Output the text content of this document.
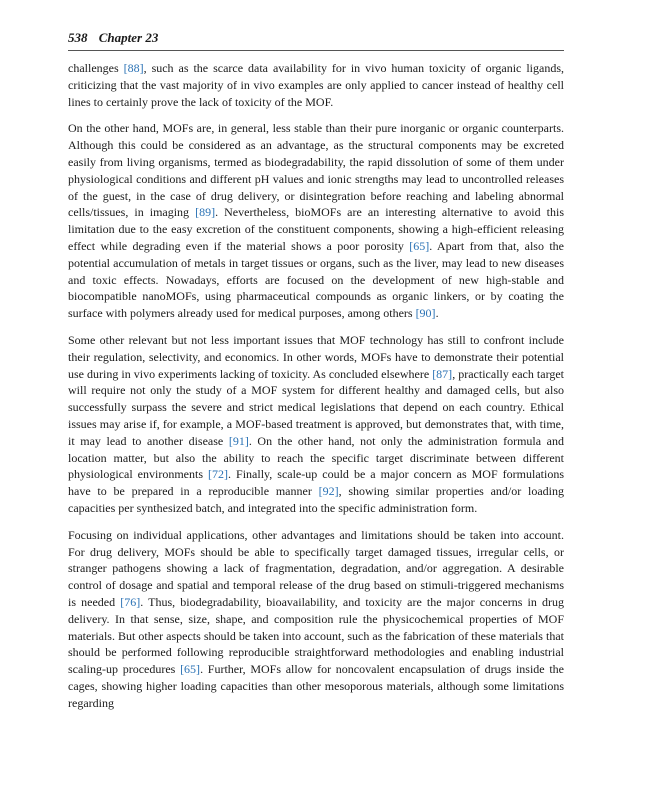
538 Chapter 23

challenges [88], such as the scarce data availability for in vivo human toxicity of organic ligands, criticizing that the vast majority of in vivo examples are only applied to cancer instead of healthy cell lines to certainly prove the lack of toxicity of the MOF.

On the other hand, MOFs are, in general, less stable than their pure inorganic or organic counterparts. Although this could be considered as an advantage, as the structural components may be excreted easily from living organisms, termed as biodegradability, the rapid dissolution of some of them under physiological conditions and different pH values and ionic strengths may lead to uncontrolled releases of the guest, in the case of drug delivery, or disintegration before reaching and labeling abnormal cells/tissues, in imaging [89]. Nevertheless, bioMOFs are an interesting alternative to avoid this limitation due to the easy excretion of the constituent components, showing a high-efficient releasing effect while degrading even if the material shows a poor porosity [65]. Apart from that, also the potential accumulation of metals in target tissues or organs, such as the liver, may lead to new diseases and toxic effects. Nowadays, efforts are focused on the development of new high-stable and biocompatible nanoMOFs, using pharmaceutical compounds as organic linkers, or by coating the surface with polymers already used for medical purposes, among others [90].

Some other relevant but not less important issues that MOF technology has still to confront include their regulation, selectivity, and economics. In other words, MOFs have to demonstrate their potential use during in vivo experiments lacking of toxicity. As concluded elsewhere [87], practically each target will require not only the study of a MOF system for different healthy and damaged cells, but also successfully surpass the severe and strict medical legislations that depend on each country. Ethical issues may arise if, for example, a MOF-based treatment is approved, but demonstrates that, with time, it may lead to another disease [91]. On the other hand, not only the administration formula and location matter, but also the ability to reach the specific target discriminate between different physiological environments [72]. Finally, scale-up could be a major concern as MOF formulations have to be prepared in a reproducible manner [92], showing similar properties and/or loading capacities per synthesized batch, and integrated into the specific administration form.

Focusing on individual applications, other advantages and limitations should be taken into account. For drug delivery, MOFs should be able to specifically target damaged tissues, irregular cells, or stranger pathogens showing a lack of fragmentation, degradation, and/or aggregation. A desirable control of dosage and spatial and temporal release of the drug based on stimuli-triggered mechanisms is needed [76]. Thus, biodegradability, bioavailability, and toxicity are the major concerns in drug delivery. In that sense, size, shape, and composition rule the physicochemical properties of MOF materials. But other aspects should be taken into account, such as the fabrication of these materials that should be performed following reproducible straightforward methodologies and enabling industrial scaling-up procedures [65]. Further, MOFs allow for noncovalent encapsulation of drugs inside the cages, showing higher loading capacities than other mesoporous materials, although some limitations regarding
